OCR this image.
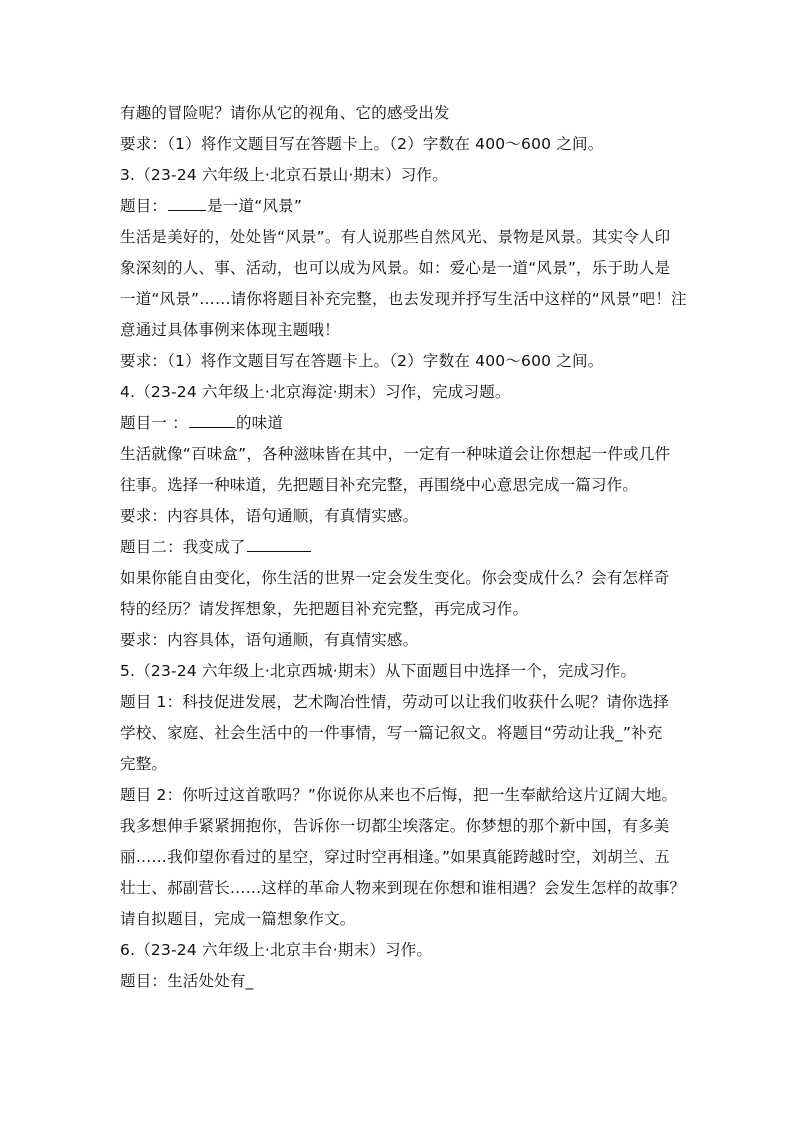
有趣的冒险呢？请你从它的视角、它的感受出发
要求：（1）将作文题目写在答题卡上。（2）字数在 400～600 之间。
3.（23-24 六年级上·北京石景山·期末）习作。
题目：	是一道“风景”
生活是美好的，处处皆“风景”。有人说那些自然风光、景物是风景。其实令人印
象深刻的人、事、活动，也可以成为风景。如：爱心是一道“风景”，乐于助人是
一道“风景”……请你将题目补充完整，也去发现并抒写生活中这样的“风景”吧！注
意通过具体事例来体现主题哦！
要求：（1）将作文题目写在答题卡上。（2）字数在 400～600 之间。
4.（23-24 六年级上·北京海淀·期末）习作，完成习题。
题目一 ：	的味道
生活就像“百味盒”，各种滋味皆在其中，一定有一种味道会让你想起一件或几件
往事。选择一种味道，先把题目补充完整，再围绕中心意思完成一篇习作。
要求：内容具体，语句通顺，有真情实感。
题目二：我变成了
如果你能自由变化，你生活的世界一定会发生变化。你会变成什么？会有怎样奇
特的经历？请发挥想象，先把题目补充完整，再完成习作。
要求：内容具体，语句通顺，有真情实感。
5.（23-24 六年级上·北京西城·期末）从下面题目中选择一个，完成习作。
题目 1：科技促进发展，艺术陶冶性情，劳动可以让我们收获什么呢？请你选择
学校、家庭、社会生活中的一件事情，写一篇记叙文。将题目“劳动让我_”补充
完整。
题目 2：你听过这首歌吗？”你说你从来也不后悔，把一生奉献给这片辽阔大地。
我多想伸手紧紧拥抱你，告诉你一切都尘埃落定。你梦想的那个新中国，有多美
丽……我仰望你看过的星空，穿过时空再相逢。”如果真能跨越时空，刘胡兰、五
壮士、郝副营长……这样的革命人物来到现在你想和谁相遇？会发生怎样的故事？
请自拟题目，完成一篇想象作文。
6.（23-24 六年级上·北京丰台·期末）习作。
题目：生活处处有_
